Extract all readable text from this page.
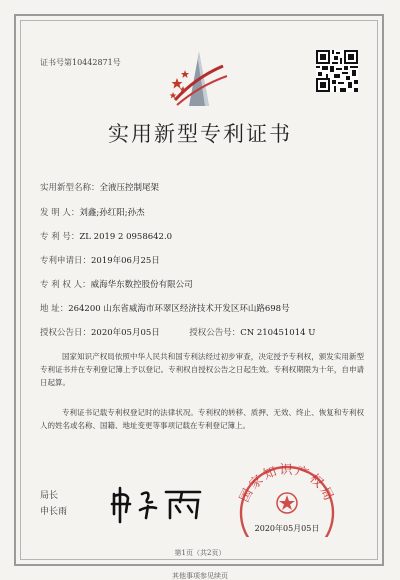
证书号第10442871号
实用新型专利证书
实用新型名称：全液压控制尾架
发 明 人：刘鑫;孙红阳;孙杰
专 利 号：ZL 2019 2 0958642.0
专利申请日：2019年06月25日
专 利 权 人：威海华东数控股份有限公司
地 址：264200 山东省威海市环翠区经济技术开发区环山路698号
授权公告日：2020年05月05日	授权公告号：CN 210451014 U
国家知识产权局依照中华人民共和国专利法经过初步审查，决定授予专利权，颁发实用新型专利证书并在专利登记簿上予以登记。专利权自授权公告之日起生效。专利权期限为十年，自申请日起算。
专利证书记载专利权登记时的法律状况。专利权的转移、质押、无效、终止、恢复和专利权人的姓名或名称、国籍、地址变更等事项记载在专利登记簿上。
局长
申长雨
国家知识产权局
2020年05月05日
第1页（共2页）
其他事项参见续页
